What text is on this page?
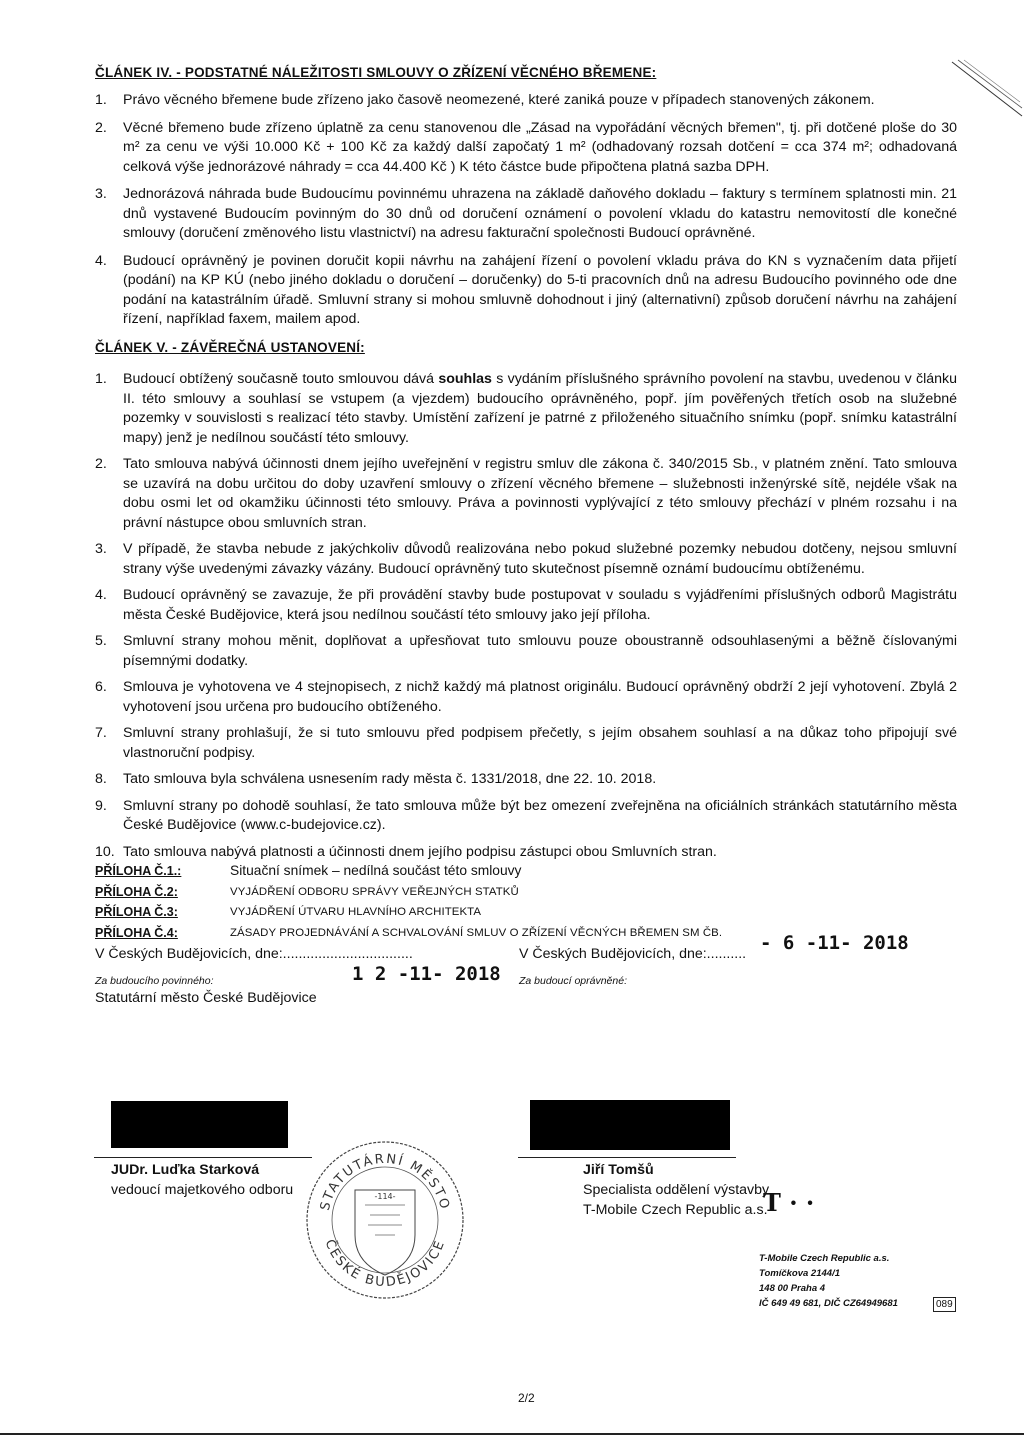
ČLÁNEK IV. - PODSTATNÉ NÁLEŽITOSTI SMLOUVY O ZŘÍZENÍ VĚCNÉHO BŘEMENE:
1. Právo věcného břemene bude zřízeno jako časově neomezené, které zaniká pouze v případech stanovených zákonem.
2. Věcné břemeno bude zřízeno úplatně za cenu stanovenou dle „Zásad na vypořádání věcných břemen", tj. při dotčené ploše do 30 m² za cenu ve výši 10.000 Kč + 100 Kč za každý další započatý 1 m² (odhadovaný rozsah dotčení = cca 374 m²; odhadovaná celková výše jednorázové náhrady = cca 44.400 Kč ) K této částce bude připočtena platná sazba DPH.
3. Jednorázová náhrada bude Budoucímu povinnému uhrazena na základě daňového dokladu – faktury s termínem splatnosti min. 21 dnů vystavené Budoucím povinným do 30 dnů od doručení oznámení o povolení vkladu do katastru nemovitostí dle konečné smlouvy (doručení změnového listu vlastnictví) na adresu fakturační společnosti Budoucí oprávněné.
4. Budoucí oprávněný je povinen doručit kopii návrhu na zahájení řízení o povolení vkladu práva do KN s vyznačením data přijetí (podání) na KP KÚ (nebo jiného dokladu o doručení – doručenky) do 5-ti pracovních dnů na adresu Budoucího povinného ode dne podání na katastrálním úřadě. Smluvní strany si mohou smluvně dohodnout i jiný (alternativní) způsob doručení návrhu na zahájení řízení, například faxem, mailem apod.
ČLÁNEK V. - ZÁVĚREČNÁ USTANOVENÍ:
1. Budoucí obtížený současně touto smlouvou dává souhlas s vydáním příslušného správního povolení na stavbu, uvedenou v článku II. této smlouvy a souhlasí se vstupem (a vjezdem) budoucího oprávněného, popř. jím pověřených třetích osob na služebné pozemky v souvislosti s realizací této stavby. Umístění zařízení je patrné z přiloženého situačního snímku (popř. snímku katastrální mapy) jenž je nedílnou součástí této smlouvy.
2. Tato smlouva nabývá účinnosti dnem jejího uveřejnění v registru smluv dle zákona č. 340/2015 Sb., v platném znění. Tato smlouva se uzavírá na dobu určitou do doby uzavření smlouvy o zřízení věcného břemene – služebnosti inženýrské sítě, nejdéle však na dobu osmi let od okamžiku účinnosti této smlouvy. Práva a povinnosti vyplývající z této smlouvy přechází v plném rozsahu i na právní nástupce obou smluvních stran.
3. V případě, že stavba nebude z jakýchkoliv důvodů realizována nebo pokud služebné pozemky nebudou dotčeny, nejsou smluvní strany výše uvedenými závazky vázány. Budoucí oprávněný tuto skutečnost písemně oznámí budoucímu obtíženému.
4. Budoucí oprávněný se zavazuje, že při provádění stavby bude postupovat v souladu s vyjádřeními příslušných odborů Magistrátu města České Budějovice, která jsou nedílnou součástí této smlouvy jako její příloha.
5. Smluvní strany mohou měnit, doplňovat a upřesňovat tuto smlouvu pouze oboustranně odsouhlasenými a běžně číslovanými písemnými dodatky.
6. Smlouva je vyhotovena ve 4 stejnopisech, z nichž každý má platnost originálu. Budoucí oprávněný obdrží 2 její vyhotovení. Zbylá 2 vyhotovení jsou určena pro budoucího obtíženého.
7. Smluvní strany prohlašují, že si tuto smlouvu před podpisem přečetly, s jejím obsahem souhlasí a na důkaz toho připojují své vlastnoruční podpisy.
8. Tato smlouva byla schválena usnesením rady města č. 1331/2018, dne 22. 10. 2018.
9. Smluvní strany po dohodě souhlasí, že tato smlouva může být bez omezení zveřejněna na oficiálních stránkách statutárního města České Budějovice (www.c-budejovice.cz).
10. Tato smlouva nabývá platnosti a účinnosti dnem jejího podpisu zástupci obou Smluvních stran.
PŘÍLOHA Č.1.:	Situační snímek – nedílná součást této smlouvy
PŘÍLOHA Č.2:	VYJÁDŘENÍ ODBORU SPRÁVY VEŘEJNÝCH STATKŮ
PŘÍLOHA Č.3:	VYJÁDŘENÍ ÚTVARU HLAVNÍHO ARCHITEKTA
PŘÍLOHA Č.4:	ZÁSADY PROJEDNÁVÁNÍ A SCHVALOVÁNÍ SMLUV O ZŘÍZENÍ VĚCNÝCH BŘEMEN SM ČB.
V Českých Budějovicích, dne:.................................	V Českých Budějovicích, dne:.......... - 6 -11- 2018
Za budoucího povinného:	1 2 -11- 2018 Za budoucí oprávněné:
Statutární město České Budějovice
JUDr. Luďka Starková
vedoucí majetkového odboru
Jiří Tomšů
Specialista oddělení výstavby
T-Mobile Czech Republic a.s.
STATUTÁRNÍ MĚSTO
ČESKÉ BUDĚJOVICE
-114-	T · ·
T-Mobile Czech Republic a.s.
Tomíčkova 2144/1
148 00 Praha 4
IČ 649 49 681, DIČ CZ64949681	089
2/2
